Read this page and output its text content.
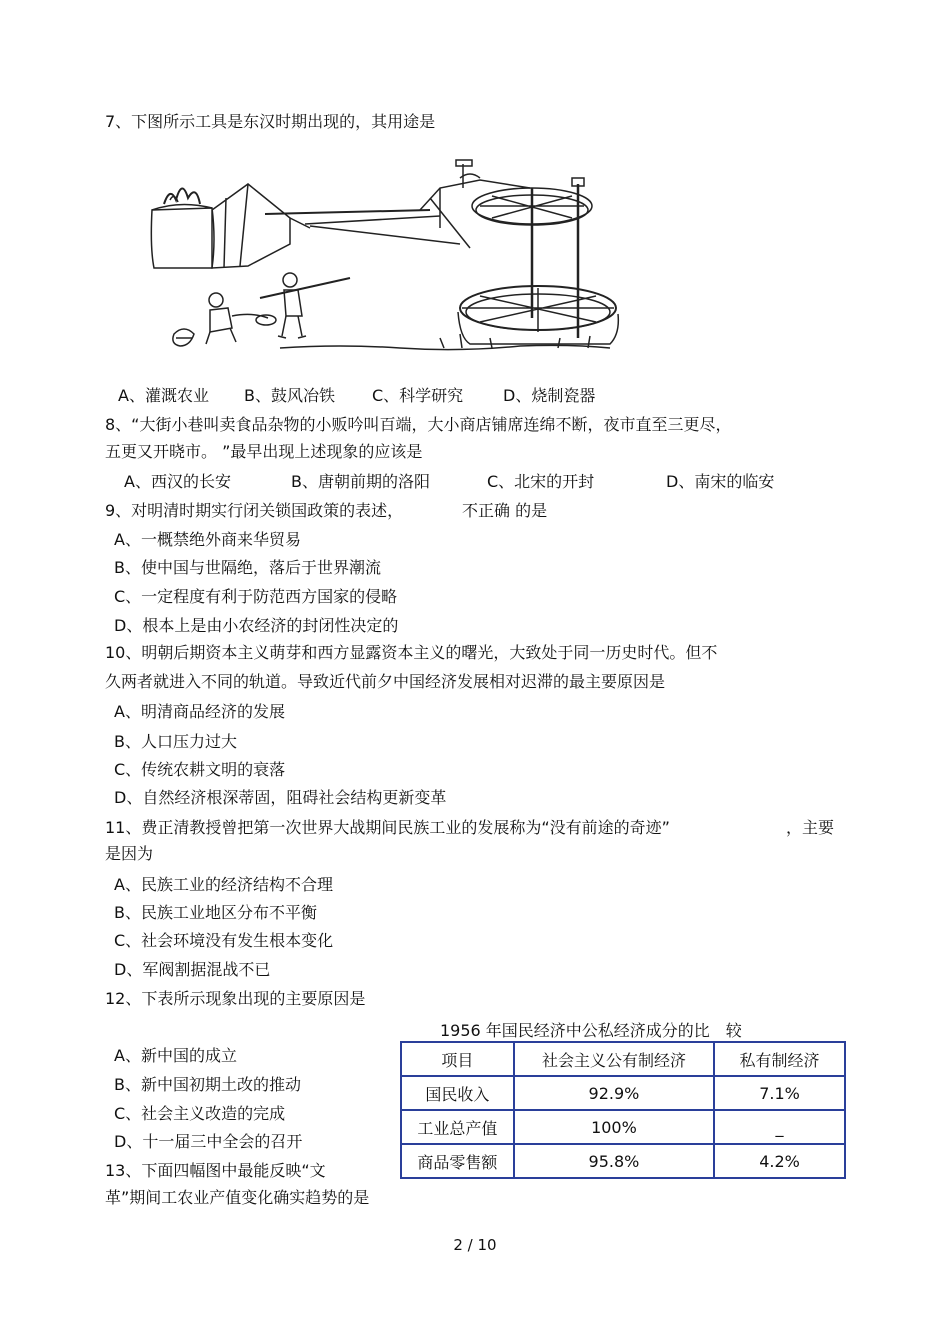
7、下图所示工具是东汉时期出现的，其用途是
A、灌溉农业 B、鼓风冶铁 C、科学研究 D、烧制瓷器
8、“大街小巷叫卖食品杂物的小贩吟叫百端，大小商店铺席连绵不断，夜市直至三更尽，
五更又开晓市。 ”最早出现上述现象的应该是
A、西汉的长安	B、唐朝前期的洛阳	C、北宋的开封	D、南宋的临安
9、对明清时期实行闭关锁国政策的表述，	不正确 的是
A、一概禁绝外商来华贸易
B、使中国与世隔绝，落后于世界潮流
C、一定程度有利于防范西方国家的侵略
D、根本上是由小农经济的封闭性决定的
10、明朝后期资本主义萌芽和西方显露资本主义的曙光，大致处于同一历史时代。但不
久两者就进入不同的轨道。导致近代前夕中国经济发展相对迟滞的最主要原因是
A、明清商品经济的发展
B、人口压力过大
C、传统农耕文明的衰落
D、自然经济根深蒂固，阻碍社会结构更新变革
11、费正清教授曾把第一次世界大战期间民族工业的发展称为“没有前途的奇迹”	，主要
是因为
A、民族工业的经济结构不合理
B、民族工业地区分布不平衡
C、社会环境没有发生根本变化
D、军阀割据混战不已
12、下表所示现象出现的主要原因是
1956 年国民经济中公私经济成分的比　较
A、新中国的成立
B、新中国初期土改的推动
C、社会主义改造的完成
D、十一届三中全会的召开
项目	社会主义公有制经济	私有制经济
国民收入	92.9%	7.1%
工业总产值	100%	_
商品零售额	95.8%	4.2%
13、下面四幅图中最能反映“文
革”期间工农业产值变化确实趋势的是
2 / 10
